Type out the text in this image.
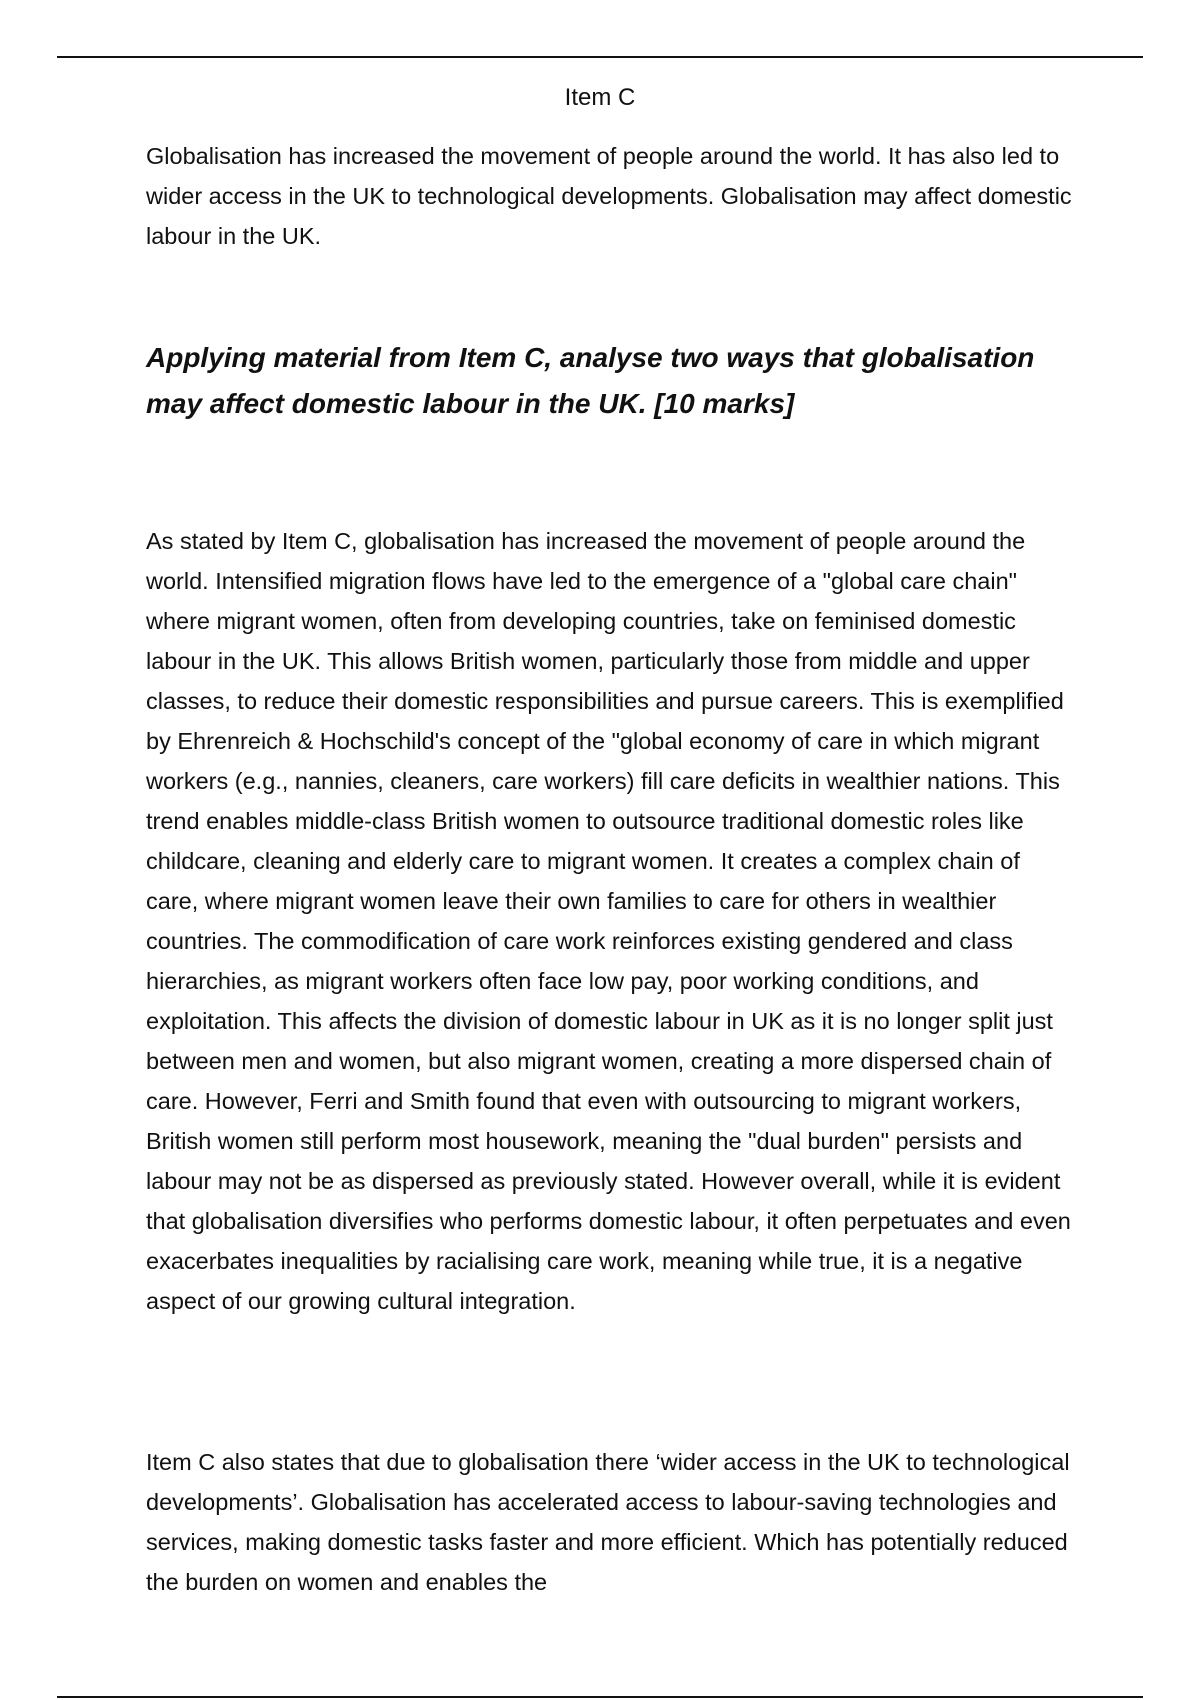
Item C

Globalisation has increased the movement of people around the world. It has also led to wider access in the UK to technological developments. Globalisation may affect domestic labour in the UK.

Applying material from Item C, analyse two ways that globalisation may affect domestic labour in the UK. [10 marks]

As stated by Item C, globalisation has increased the movement of people around the world. Intensified migration flows have led to the emergence of a "global care chain" where migrant women, often from developing countries, take on feminised domestic labour in the UK. This allows British women, particularly those from middle and upper classes, to reduce their domestic responsibilities and pursue careers. This is exemplified by Ehrenreich & Hochschild's concept of the "global economy of care in which migrant workers (e.g., nannies, cleaners, care workers) fill care deficits in wealthier nations. This trend enables middle-class British women to outsource traditional domestic roles like childcare, cleaning and elderly care to migrant women. It creates a complex chain of care, where migrant women leave their own families to care for others in wealthier countries. The commodification of care work reinforces existing gendered and class hierarchies, as migrant workers often face low pay, poor working conditions, and exploitation. This affects the division of domestic labour in UK as it is no longer split just between men and women, but also migrant women, creating a more dispersed chain of care. However, Ferri and Smith found that even with outsourcing to migrant workers, British women still perform most housework, meaning the "dual burden" persists and labour may not be as dispersed as previously stated. However overall, while it is evident that globalisation diversifies who performs domestic labour, it often perpetuates and even exacerbates inequalities by racialising care work, meaning while true, it is a negative aspect of our growing cultural integration.

Item C also states that due to globalisation there ‘wider access in the UK to technological developments’. Globalisation has accelerated access to labour-saving technologies and services, making domestic tasks faster and more efficient. Which has potentially reduced the burden on women and enables the
